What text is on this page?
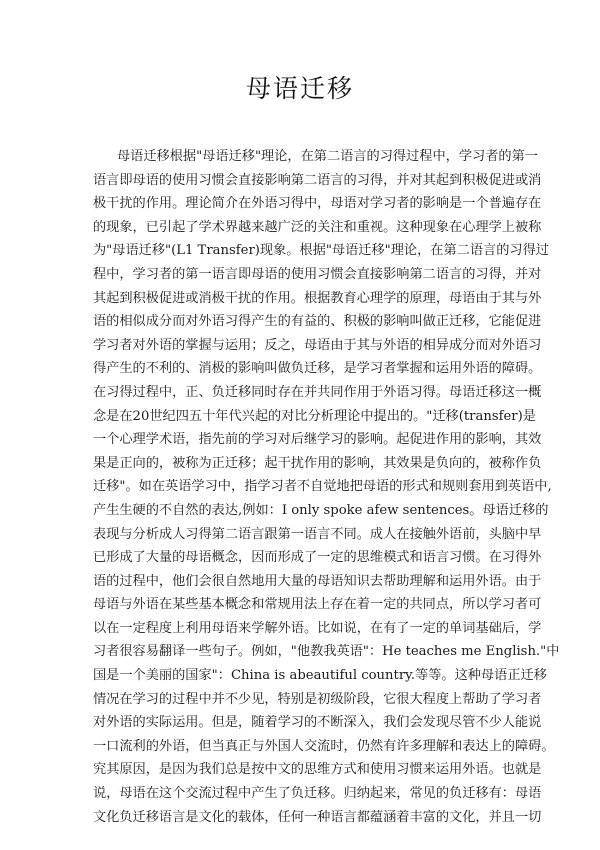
母语迁移
母语迁移根据"母语迁移"理论，在第二语言的习得过程中，学习者的第一
语言即母语的使用习惯会直接影响第二语言的习得，并对其起到积极促进或消
极干扰的作用。理论简介在外语习得中，母语对学习者的影响是一个普遍存在
的现象，已引起了学术界越来越广泛的关注和重视。这种现象在心理学上被称
为"母语迁移"(L1 Transfer)现象。根据"母语迁移"理论，在第二语言的习得过
程中，学习者的第一语言即母语的使用习惯会直接影响第二语言的习得，并对
其起到积极促进或消极干扰的作用。根据教育心理学的原理，母语由于其与外
语的相似成分而对外语习得产生的有益的、积极的影响叫做正迁移，它能促进
学习者对外语的掌握与运用；反之，母语由于其与外语的相异成分而对外语习
得产生的不利的、消极的影响叫做负迁移，是学习者掌握和运用外语的障碍。
在习得过程中，正、负迁移同时存在并共同作用于外语习得。母语迁移这一概
念是在20世纪四五十年代兴起的对比分析理论中提出的。"迁移(transfer)是
一个心理学术语，指先前的学习对后继学习的影响。起促进作用的影响，其效
果是正向的，被称为正迁移；起干扰作用的影响，其效果是负向的，被称作负
迁移"。如在英语学习中，指学习者不自觉地把母语的形式和规则套用到英语中,
产生生硬的不自然的表达,例如：I only spoke afew sentences。母语迁移的
表现与分析成人习得第二语言跟第一语言不同。成人在接触外语前，头脑中早
已形成了大量的母语概念，因而形成了一定的思维模式和语言习惯。在习得外
语的过程中，他们会很自然地用大量的母语知识去帮助理解和运用外语。由于
母语与外语在某些基本概念和常规用法上存在着一定的共同点，所以学习者可
以在一定程度上利用母语来学解外语。比如说，在有了一定的单词基础后，学
习者很容易翻译一些句子。例如，"他教我英语"：He teaches me English."中
国是一个美丽的国家"：China is abeautiful country.等等。这种母语正迁移
情况在学习的过程中并不少见，特别是初级阶段，它很大程度上帮助了学习者
对外语的实际运用。但是，随着学习的不断深入，我们会发现尽管不少人能说
一口流利的外语，但当真正与外国人交流时，仍然有许多理解和表达上的障碍。
究其原因，是因为我们总是按中文的思维方式和使用习惯来运用外语。也就是
说，母语在这个交流过程中产生了负迁移。归纳起来，常见的负迁移有：母语
文化负迁移语言是文化的载体，任何一种语言都蕴涵着丰富的文化，并且一切
